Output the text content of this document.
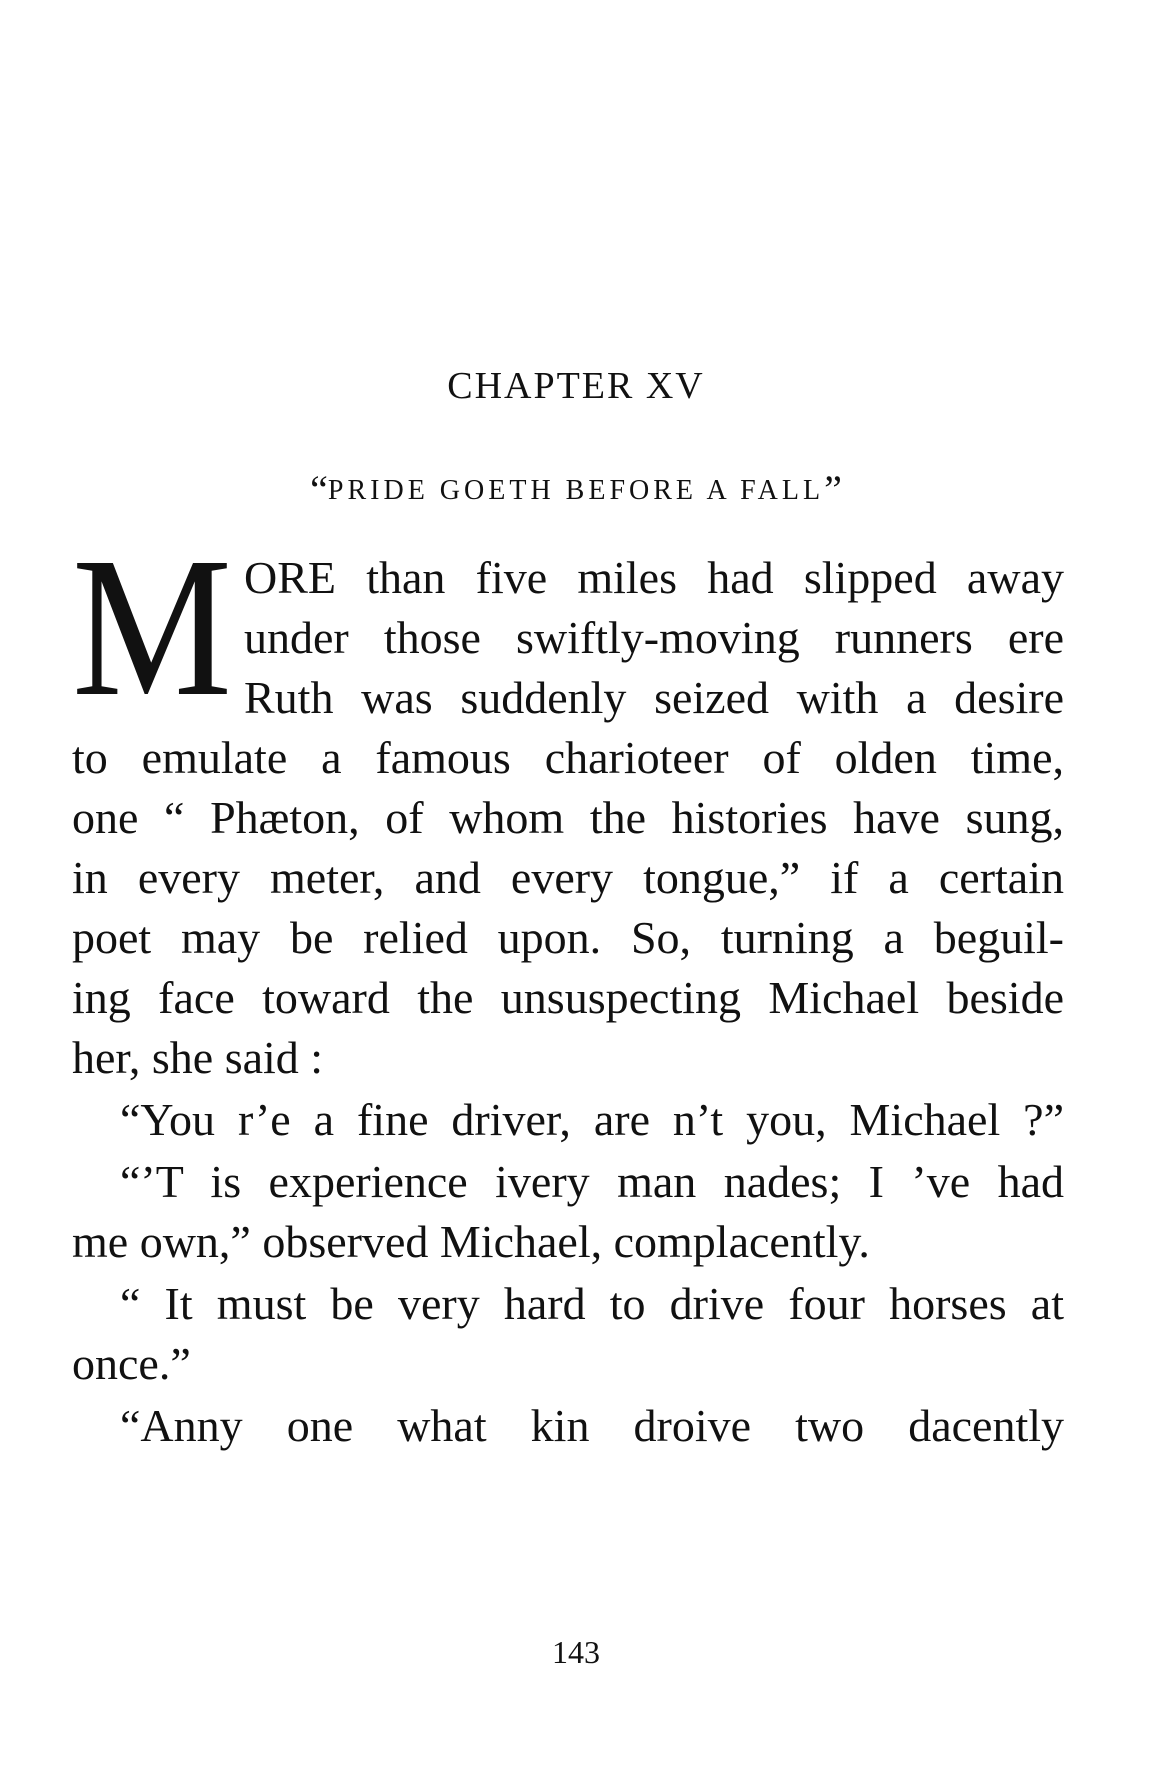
CHAPTER XV
“PRIDE GOETH BEFORE A FALL”
M ORE than five miles had slipped away
under those swiftly-moving runners ere
Ruth was suddenly seized with a desire
to emulate a famous charioteer of olden time,
one “ Phæton, of whom the histories have sung,
in every meter, and every tongue,” if a certain
poet may be relied upon. So, turning a beguil-
ing face toward the unsuspecting Michael beside
her, she said :
“You r’e a fine driver, are n’t you, Michael ?”
“’T is experience ivery man nades; I ’ve had
me own,” observed Michael, complacently.
“ It must be very hard to drive four horses at
once.”
“Anny one what kin droive two dacently
143
